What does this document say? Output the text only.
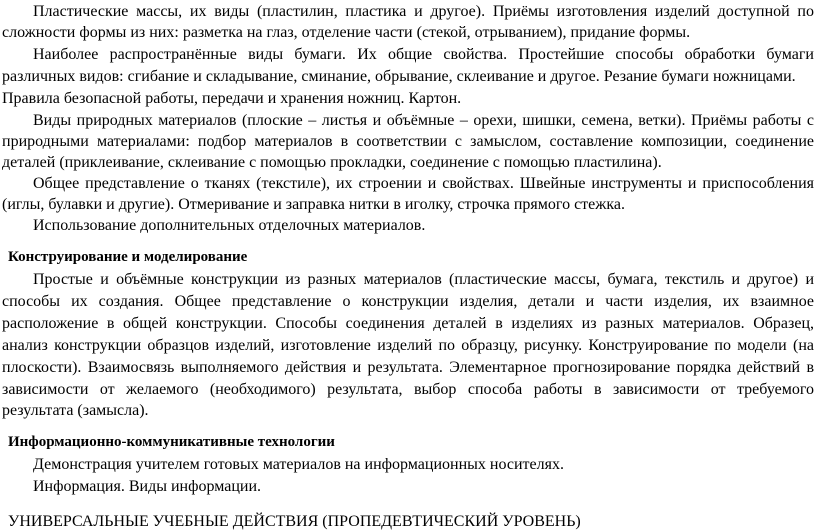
Пластические массы, их виды (пластилин, пластика и другое). Приёмы изготовления изделий доступной по
сложности формы из них: разметка на глаз, отделение части (стекой, отрыванием), придание формы.
Наиболее распространённые виды бумаги. Их общие свойства. Простейшие способы обработки бумаги
различных видов: сгибание и складывание, сминание, обрывание, склеивание и другое. Резание бумаги ножницами.
Правила безопасной работы, передачи и хранения ножниц. Картон.
Виды природных материалов (плоские – листья и объёмные – орехи, шишки, семена, ветки). Приёмы работы с
природными материалами: подбор материалов в соответствии с замыслом, составление композиции, соединение
деталей (приклеивание, склеивание с помощью прокладки, соединение с помощью пластилина).
Общее представление о тканях (текстиле), их строении и свойствах. Швейные инструменты и приспособления
(иглы, булавки и другие). Отмеривание и заправка нитки в иголку, строчка прямого стежка.
Использование дополнительных отделочных материалов.
Конструирование и моделирование
Простые и объёмные конструкции из разных материалов (пластические массы, бумага, текстиль и другое) и
способы их создания. Общее представление о конструкции изделия, детали и части изделия, их взаимное
расположение в общей конструкции. Способы соединения деталей в изделиях из разных материалов. Образец,
анализ конструкции образцов изделий, изготовление изделий по образцу, рисунку. Конструирование по модели (на
плоскости). Взаимосвязь выполняемого действия и результата. Элементарное прогнозирование порядка действий в
зависимости от желаемого (необходимого) результата, выбор способа работы в зависимости от требуемого
результата (замысла).
Информационно-коммуникативные технологии
Демонстрация учителем готовых материалов на информационных носителях.
Информация. Виды информации.
УНИВЕРСАЛЬНЫЕ УЧЕБНЫЕ ДЕЙСТВИЯ (ПРОПЕДЕВТИЧЕСКИЙ УРОВЕНЬ)
